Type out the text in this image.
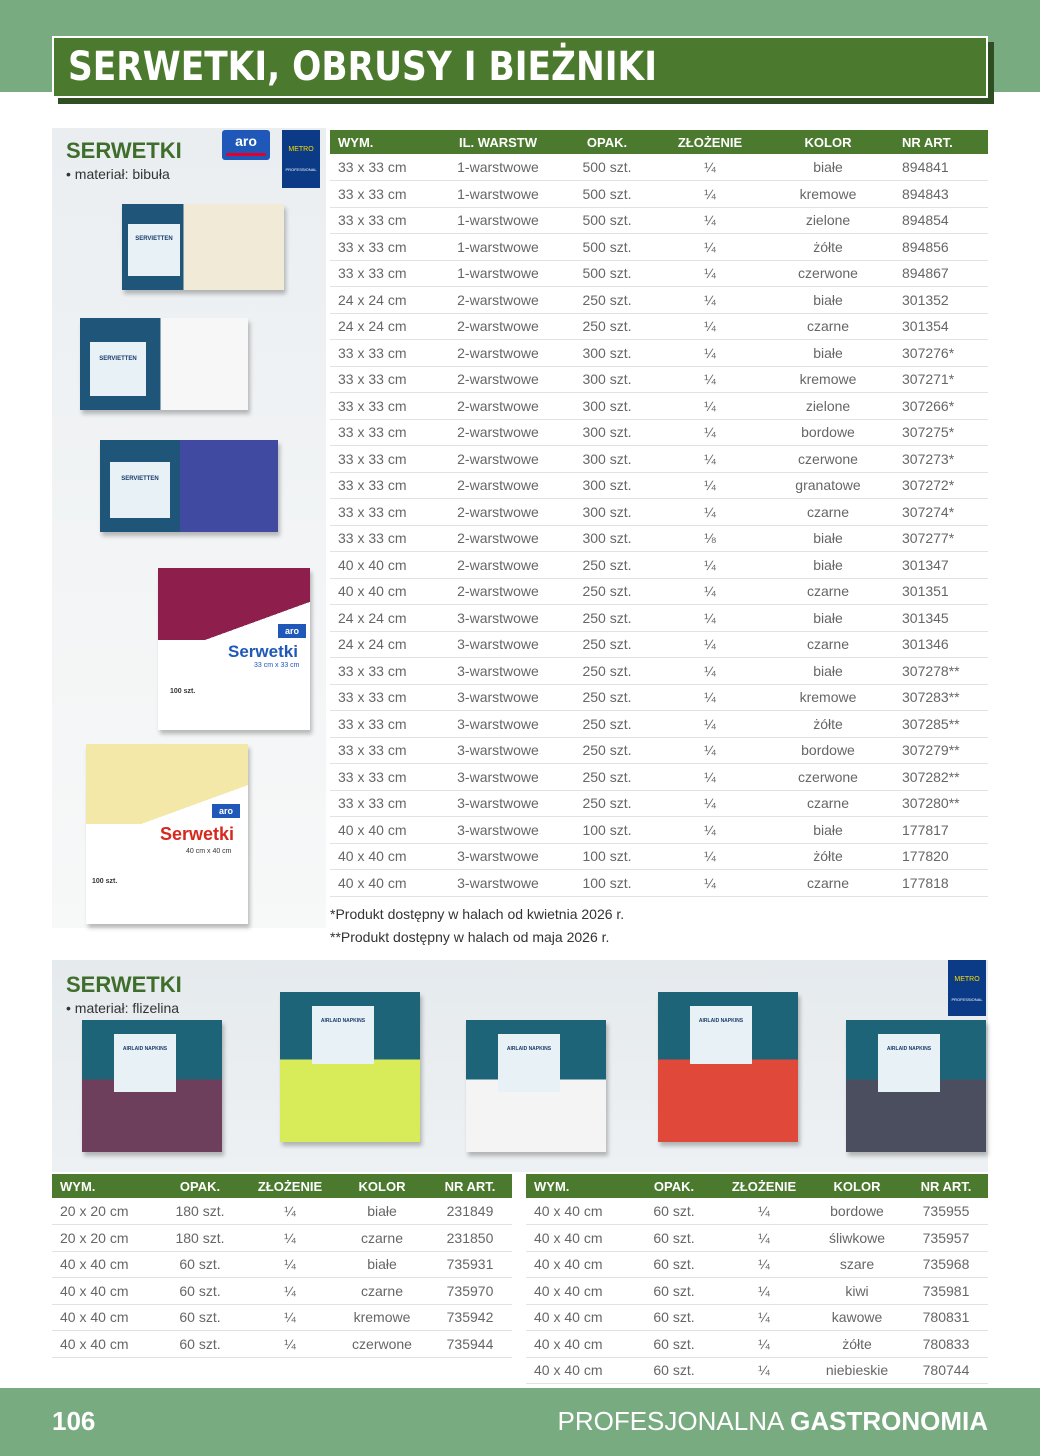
SERWETKI, OBRUSY I BIEŻNIKI
SERWETKI
• materiał: bibuła
aro
METRO
PROFESSIONAL
SERVIETTEN
SERVIETTEN
SERVIETTEN
aro
Serwetki
33 cm x 33 cm
100 szt.
aro
Serwetki
40 cm x 40 cm
100 szt.
WYM.	IL. WARSTW	OPAK.	ZŁOŻENIE	KOLOR	NR ART.
33 x 33 cm	1-warstwowe	500 szt.	¼	białe	894841
33 x 33 cm	1-warstwowe	500 szt.	¼	kremowe	894843
33 x 33 cm	1-warstwowe	500 szt.	¼	zielone	894854
33 x 33 cm	1-warstwowe	500 szt.	¼	żółte	894856
33 x 33 cm	1-warstwowe	500 szt.	¼	czerwone	894867
24 x 24 cm	2-warstwowe	250 szt.	¼	białe	301352
24 x 24 cm	2-warstwowe	250 szt.	¼	czarne	301354
33 x 33 cm	2-warstwowe	300 szt.	¼	białe	307276*
33 x 33 cm	2-warstwowe	300 szt.	¼	kremowe	307271*
33 x 33 cm	2-warstwowe	300 szt.	¼	zielone	307266*
33 x 33 cm	2-warstwowe	300 szt.	¼	bordowe	307275*
33 x 33 cm	2-warstwowe	300 szt.	¼	czerwone	307273*
33 x 33 cm	2-warstwowe	300 szt.	¼	granatowe	307272*
33 x 33 cm	2-warstwowe	300 szt.	¼	czarne	307274*
33 x 33 cm	2-warstwowe	300 szt.	⅛	białe	307277*
40 x 40 cm	2-warstwowe	250 szt.	¼	białe	301347
40 x 40 cm	2-warstwowe	250 szt.	¼	czarne	301351
24 x 24 cm	3-warstwowe	250 szt.	¼	białe	301345
24 x 24 cm	3-warstwowe	250 szt.	¼	czarne	301346
33 x 33 cm	3-warstwowe	250 szt.	¼	białe	307278**
33 x 33 cm	3-warstwowe	250 szt.	¼	kremowe	307283**
33 x 33 cm	3-warstwowe	250 szt.	¼	żółte	307285**
33 x 33 cm	3-warstwowe	250 szt.	¼	bordowe	307279**
33 x 33 cm	3-warstwowe	250 szt.	¼	czerwone	307282**
33 x 33 cm	3-warstwowe	250 szt.	¼	czarne	307280**
40 x 40 cm	3-warstwowe	100 szt.	¼	białe	177817
40 x 40 cm	3-warstwowe	100 szt.	¼	żółte	177820
40 x 40 cm	3-warstwowe	100 szt.	¼	czarne	177818
*Produkt dostępny w halach od kwietnia 2026 r.
**Produkt dostępny w halach od maja 2026 r.
SERWETKI
• materiał: flizelina
METRO
PROFESSIONAL
AIRLAID NAPKINS
AIRLAID NAPKINS
AIRLAID NAPKINS
AIRLAID NAPKINS
AIRLAID NAPKINS
WYM.	OPAK.	ZŁOŻENIE	KOLOR	NR ART.
20 x 20 cm	180 szt.	¼	białe	231849
20 x 20 cm	180 szt.	¼	czarne	231850
40 x 40 cm	60 szt.	¼	białe	735931
40 x 40 cm	60 szt.	¼	czarne	735970
40 x 40 cm	60 szt.	¼	kremowe	735942
40 x 40 cm	60 szt.	¼	czerwone	735944
WYM.	OPAK.	ZŁOŻENIE	KOLOR	NR ART.
40 x 40 cm	60 szt.	¼	bordowe	735955
40 x 40 cm	60 szt.	¼	śliwkowe	735957
40 x 40 cm	60 szt.	¼	szare	735968
40 x 40 cm	60 szt.	¼	kiwi	735981
40 x 40 cm	60 szt.	¼	kawowe	780831
40 x 40 cm	60 szt.	¼	żółte	780833
40 x 40 cm	60 szt.	¼	niebieskie	780744
106	PROFESJONALNA GASTRONOMIA
